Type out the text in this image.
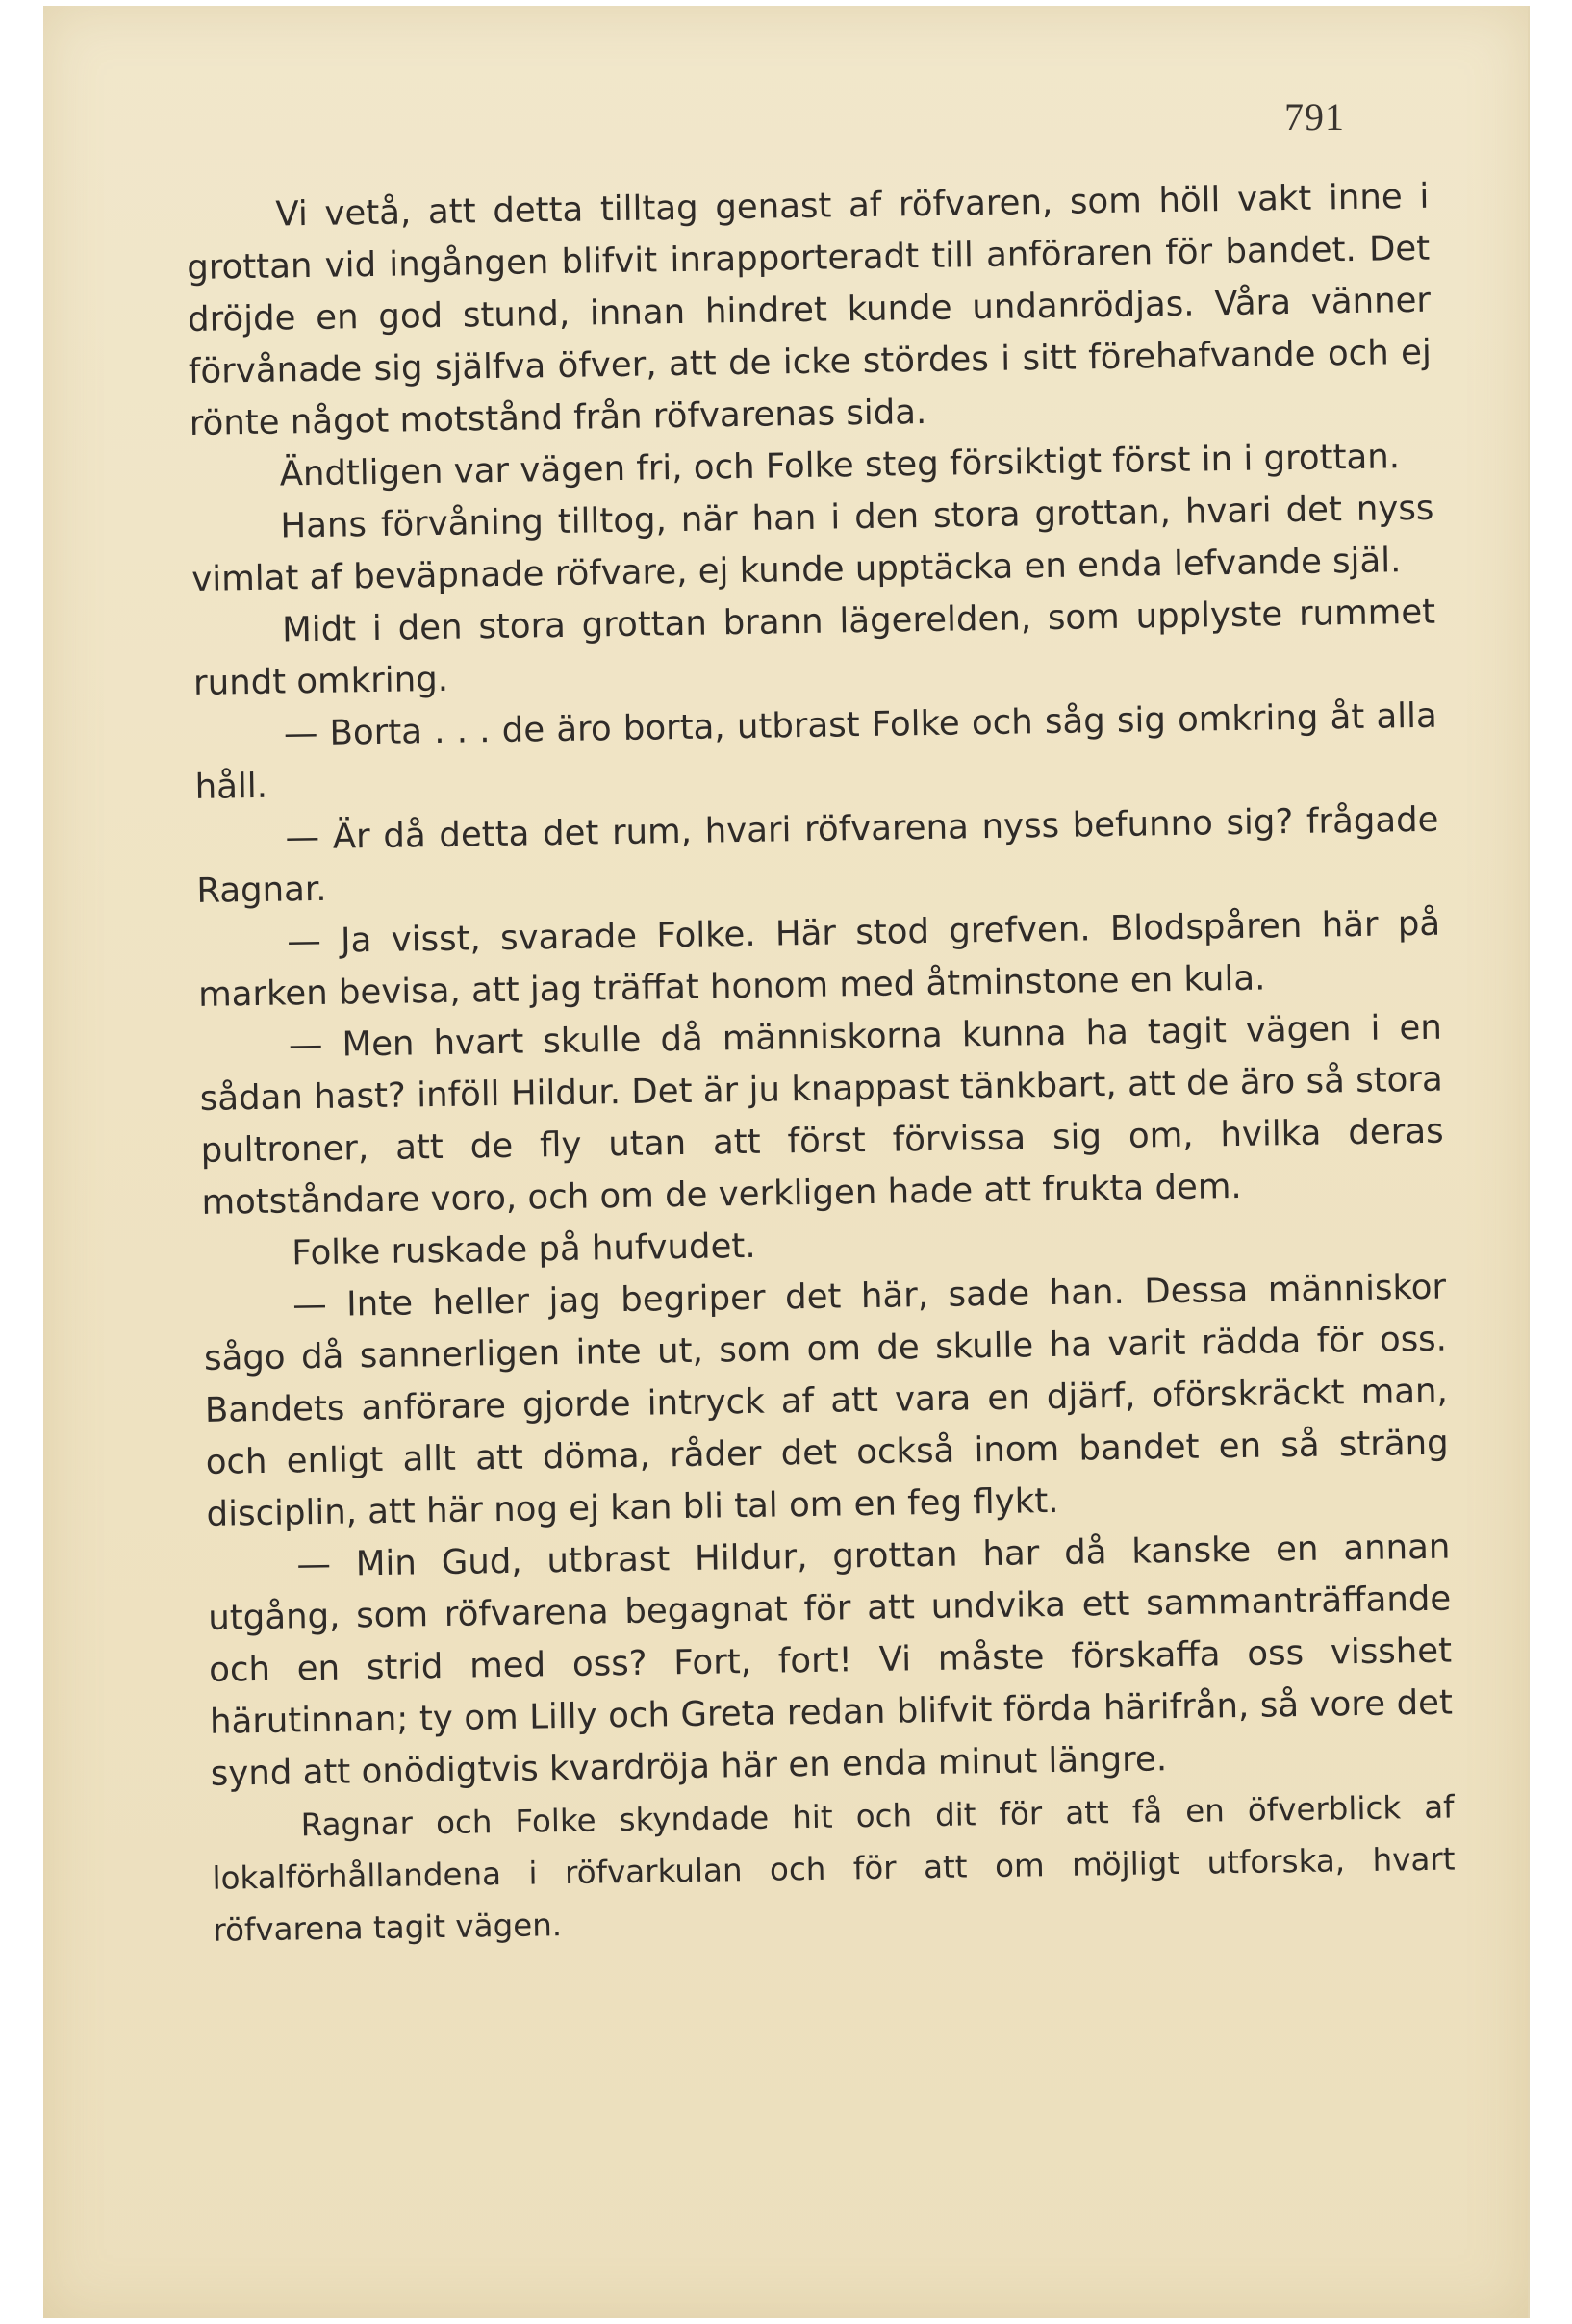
791

Vi vetå, att detta tilltag genast af röfvaren, som höll vakt inne i grottan vid ingången blifvit inrapporteradt till anföraren för bandet. Det dröjde en god stund, innan hindret kunde undanrödjas. Våra vänner förvånade sig själfva öfver, att de icke stördes i sitt förehafvande och ej rönte något motstånd från röfvarenas sida.

Ändtligen var vägen fri, och Folke steg försiktigt först in i grottan.

Hans förvåning tilltog, när han i den stora grottan, hvari det nyss vimlat af beväpnade röfvare, ej kunde upptäcka en enda lefvande själ.

Midt i den stora grottan brann lägerelden, som upplyste rummet rundt omkring.

— Borta . . . de äro borta, utbrast Folke och såg sig omkring åt alla håll.

— Är då detta det rum, hvari röfvarena nyss befunno sig? frågade Ragnar.

— Ja visst, svarade Folke. Här stod grefven. Blodspåren här på marken bevisa, att jag träffat honom med åtminstone en kula.

— Men hvart skulle då människorna kunna ha tagit vägen i en sådan hast? inföll Hildur. Det är ju knappast tänkbart, att de äro så stora pultroner, att de fly utan att först förvissa sig om, hvilka deras motståndare voro, och om de verkligen hade att frukta dem.

Folke ruskade på hufvudet.

— Inte heller jag begriper det här, sade han. Dessa människor sågo då sannerligen inte ut, som om de skulle ha varit rädda för oss. Bandets anförare gjorde intryck af att vara en djärf, oförskräckt man, och enligt allt att döma, råder det också inom bandet en så sträng disciplin, att här nog ej kan bli tal om en feg flykt.

— Min Gud, utbrast Hildur, grottan har då kanske en annan utgång, som röfvarena begagnat för att undvika ett sammanträffande och en strid med oss? Fort, fort! Vi måste förskaffa oss visshet härutinnan; ty om Lilly och Greta redan blifvit förda härifrån, så vore det synd att onödigtvis kvardröja här en enda minut längre.

Ragnar och Folke skyndade hit och dit för att få en öfverblick af lokalförhållandena i röfvarkulan och för att om möjligt utforska, hvart röfvarena tagit vägen.
